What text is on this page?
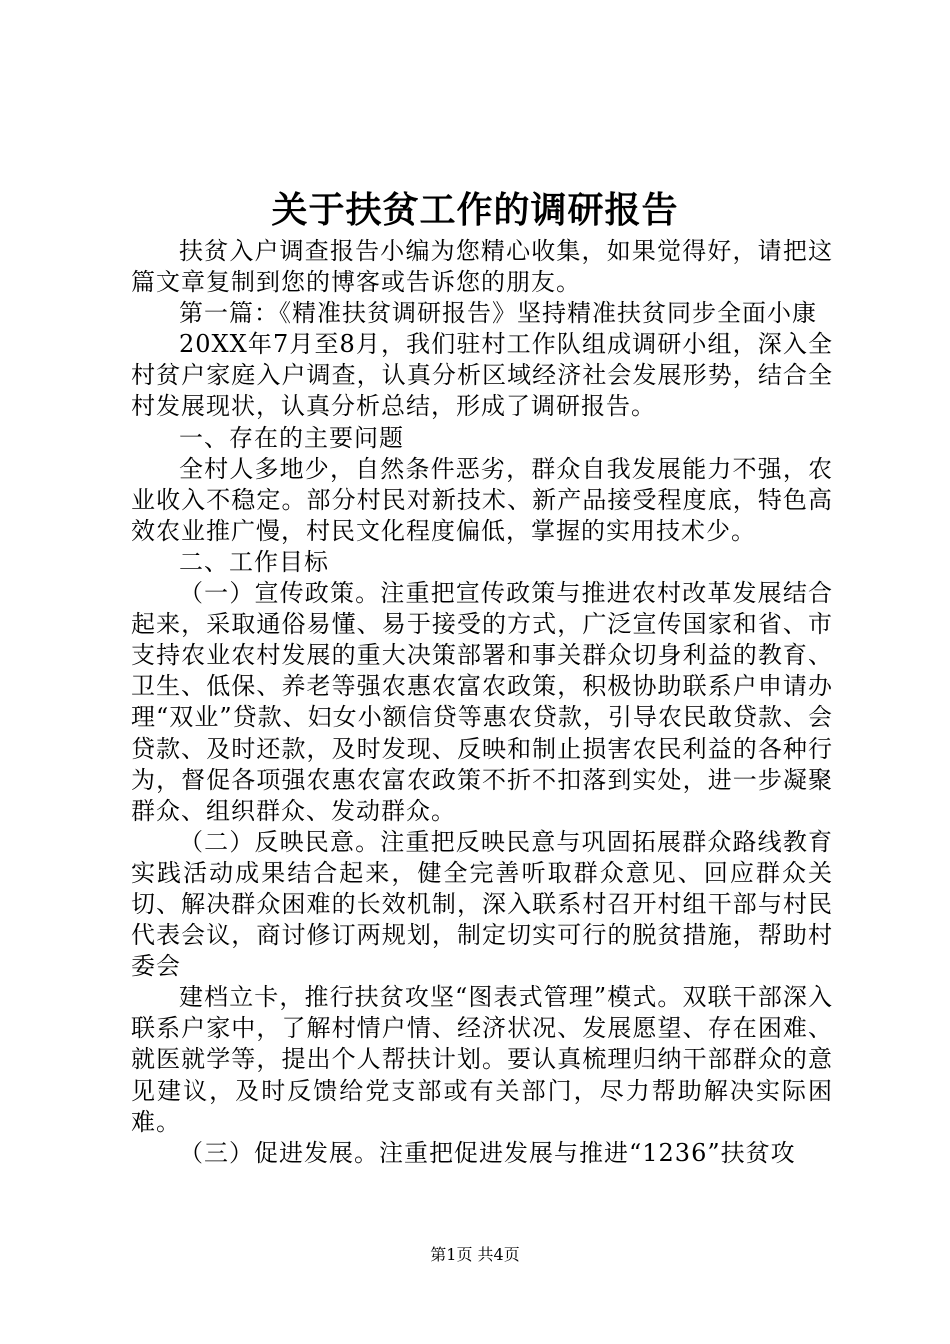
关于扶贫工作的调研报告

扶贫入户调查报告小编为您精心收集，如果觉得好，请把这篇文章复制到您的博客或告诉您的朋友。

第一篇：《精准扶贫调研报告》坚持精准扶贫同步全面小康

20XX年7月至8月，我们驻村工作队组成调研小组，深入全村贫户家庭入户调查，认真分析区域经济社会发展形势，结合全村发展现状，认真分析总结，形成了调研报告。

一、存在的主要问题

全村人多地少，自然条件恶劣，群众自我发展能力不强，农业收入不稳定。部分村民对新技术、新产品接受程度底，特色高效农业推广慢，村民文化程度偏低，掌握的实用技术少。

二、工作目标

（一）宣传政策。注重把宣传政策与推进农村改革发展结合起来，采取通俗易懂、易于接受的方式，广泛宣传国家和省、市支持农业农村发展的重大决策部署和事关群众切身利益的教育、卫生、低保、养老等强农惠农富农政策，积极协助联系户申请办理“双业”贷款、妇女小额信贷等惠农贷款，引导农民敢贷款、会贷款、及时还款，及时发现、反映和制止损害农民利益的各种行为，督促各项强农惠农富农政策不折不扣落到实处，进一步凝聚群众、组织群众、发动群众。

（二）反映民意。注重把反映民意与巩固拓展群众路线教育实践活动成果结合起来，健全完善听取群众意见、回应群众关切、解决群众困难的长效机制，深入联系村召开村组干部与村民代表会议，商讨修订两规划，制定切实可行的脱贫措施，帮助村委会

建档立卡，推行扶贫攻坚“图表式管理”模式。双联干部深入联系户家中，了解村情户情、经济状况、发展愿望、存在困难、就医就学等，提出个人帮扶计划。要认真梳理归纳干部群众的意见建议，及时反馈给党支部或有关部门，尽力帮助解决实际困难。

（三）促进发展。注重把促进发展与推进“1236”扶贫攻

第1页 共4页
